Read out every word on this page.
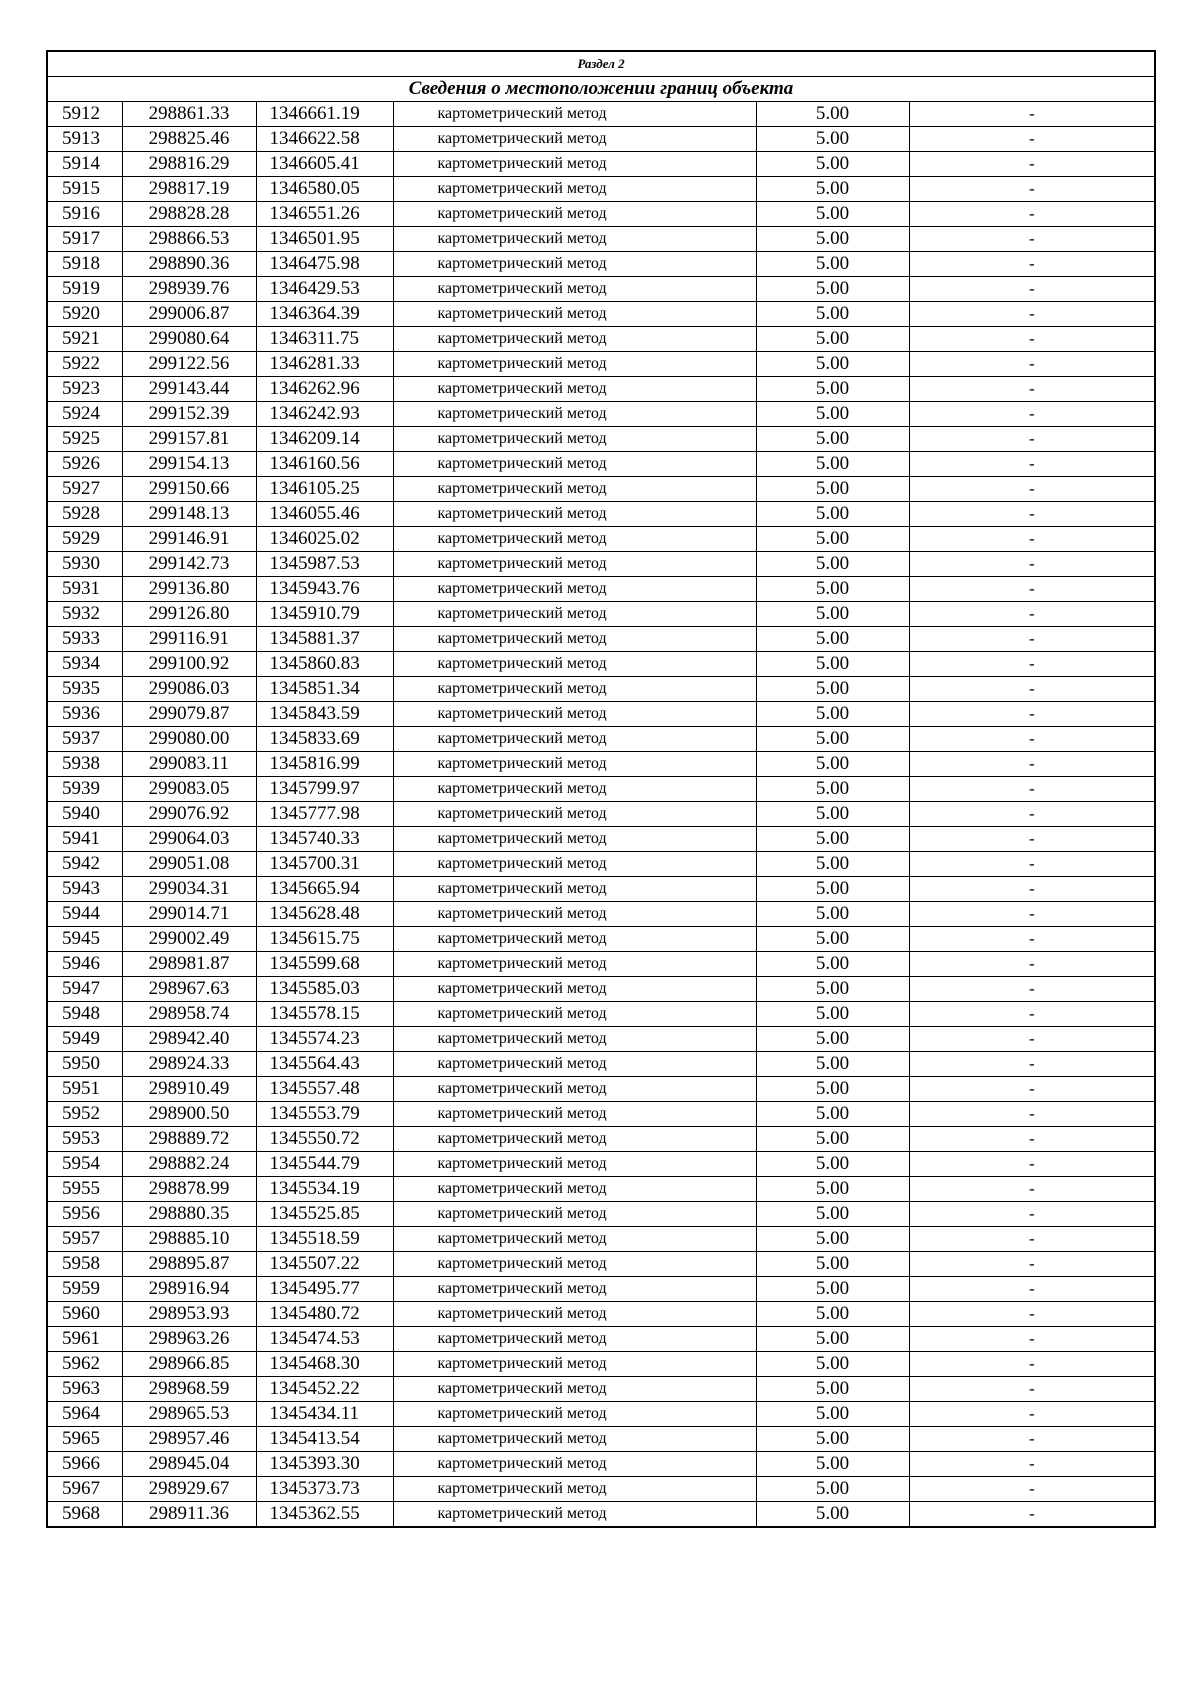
Раздел 2					
Сведения о местоположении границ объекта					
5912	298861.33	1346661.19	картометрический метод	5.00	-
5913	298825.46	1346622.58	картометрический метод	5.00	-
5914	298816.29	1346605.41	картометрический метод	5.00	-
5915	298817.19	1346580.05	картометрический метод	5.00	-
5916	298828.28	1346551.26	картометрический метод	5.00	-
5917	298866.53	1346501.95	картометрический метод	5.00	-
5918	298890.36	1346475.98	картометрический метод	5.00	-
5919	298939.76	1346429.53	картометрический метод	5.00	-
5920	299006.87	1346364.39	картометрический метод	5.00	-
5921	299080.64	1346311.75	картометрический метод	5.00	-
5922	299122.56	1346281.33	картометрический метод	5.00	-
5923	299143.44	1346262.96	картометрический метод	5.00	-
5924	299152.39	1346242.93	картометрический метод	5.00	-
5925	299157.81	1346209.14	картометрический метод	5.00	-
5926	299154.13	1346160.56	картометрический метод	5.00	-
5927	299150.66	1346105.25	картометрический метод	5.00	-
5928	299148.13	1346055.46	картометрический метод	5.00	-
5929	299146.91	1346025.02	картометрический метод	5.00	-
5930	299142.73	1345987.53	картометрический метод	5.00	-
5931	299136.80	1345943.76	картометрический метод	5.00	-
5932	299126.80	1345910.79	картометрический метод	5.00	-
5933	299116.91	1345881.37	картометрический метод	5.00	-
5934	299100.92	1345860.83	картометрический метод	5.00	-
5935	299086.03	1345851.34	картометрический метод	5.00	-
5936	299079.87	1345843.59	картометрический метод	5.00	-
5937	299080.00	1345833.69	картометрический метод	5.00	-
5938	299083.11	1345816.99	картометрический метод	5.00	-
5939	299083.05	1345799.97	картометрический метод	5.00	-
5940	299076.92	1345777.98	картометрический метод	5.00	-
5941	299064.03	1345740.33	картометрический метод	5.00	-
5942	299051.08	1345700.31	картометрический метод	5.00	-
5943	299034.31	1345665.94	картометрический метод	5.00	-
5944	299014.71	1345628.48	картометрический метод	5.00	-
5945	299002.49	1345615.75	картометрический метод	5.00	-
5946	298981.87	1345599.68	картометрический метод	5.00	-
5947	298967.63	1345585.03	картометрический метод	5.00	-
5948	298958.74	1345578.15	картометрический метод	5.00	-
5949	298942.40	1345574.23	картометрический метод	5.00	-
5950	298924.33	1345564.43	картометрический метод	5.00	-
5951	298910.49	1345557.48	картометрический метод	5.00	-
5952	298900.50	1345553.79	картометрический метод	5.00	-
5953	298889.72	1345550.72	картометрический метод	5.00	-
5954	298882.24	1345544.79	картометрический метод	5.00	-
5955	298878.99	1345534.19	картометрический метод	5.00	-
5956	298880.35	1345525.85	картометрический метод	5.00	-
5957	298885.10	1345518.59	картометрический метод	5.00	-
5958	298895.87	1345507.22	картометрический метод	5.00	-
5959	298916.94	1345495.77	картометрический метод	5.00	-
5960	298953.93	1345480.72	картометрический метод	5.00	-
5961	298963.26	1345474.53	картометрический метод	5.00	-
5962	298966.85	1345468.30	картометрический метод	5.00	-
5963	298968.59	1345452.22	картометрический метод	5.00	-
5964	298965.53	1345434.11	картометрический метод	5.00	-
5965	298957.46	1345413.54	картометрический метод	5.00	-
5966	298945.04	1345393.30	картометрический метод	5.00	-
5967	298929.67	1345373.73	картометрический метод	5.00	-
5968	298911.36	1345362.55	картометрический метод	5.00	-
